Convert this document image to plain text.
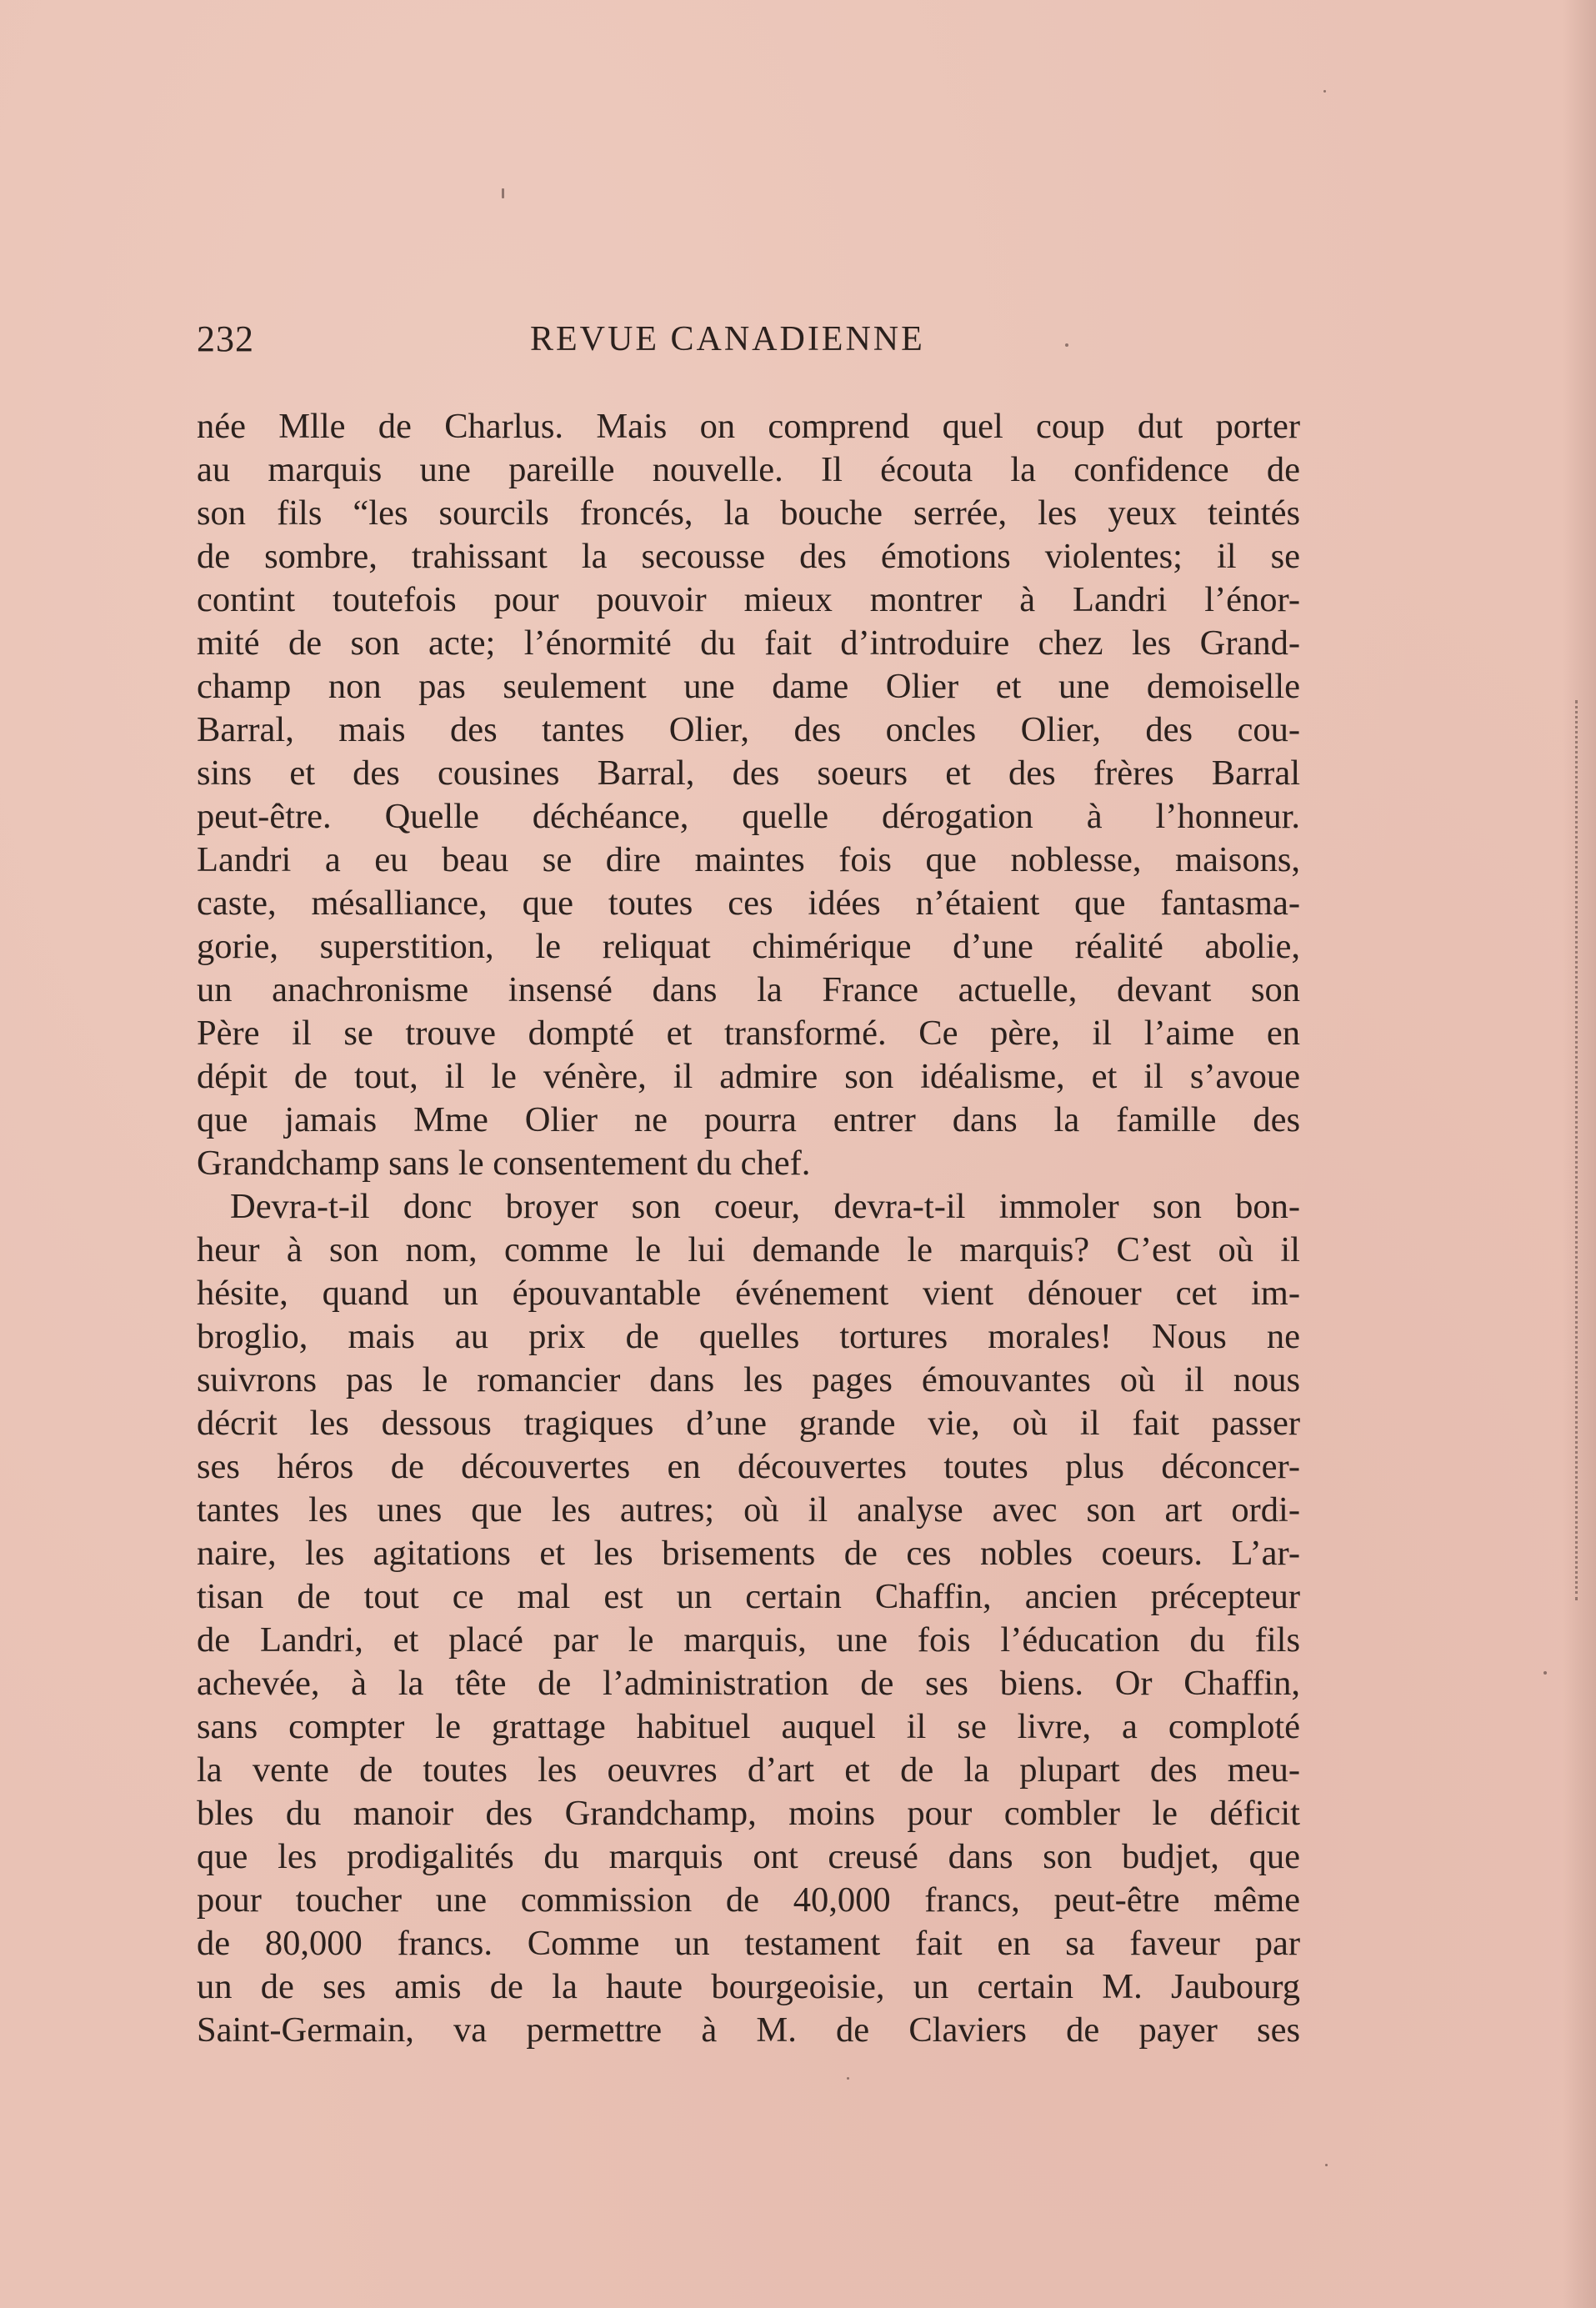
232	REVUE CANADIENNE
née Mlle de Charlus. Mais on comprend quel coup dut porter
au marquis une pareille nouvelle. Il écouta la confidence de
son fils “les sourcils froncés, la bouche serrée, les yeux teintés
de sombre, trahissant la secousse des émotions violentes; il se
contint toutefois pour pouvoir mieux montrer à Landri l’énor-
mité de son acte; l’énormité du fait d’introduire chez les Grand-
champ non pas seulement une dame Olier et une demoiselle
Barral, mais des tantes Olier, des oncles Olier, des cou-
sins et des cousines Barral, des soeurs et des frères Barral
peut-être. Quelle déchéance, quelle dérogation à l’honneur.
Landri a eu beau se dire maintes fois que noblesse, maisons,
caste, mésalliance, que toutes ces idées n’étaient que fantasma-
gorie, superstition, le reliquat chimérique d’une réalité abolie,
un anachronisme insensé dans la France actuelle, devant son
Père il se trouve dompté et transformé. Ce père, il l’aime en
dépit de tout, il le vénère, il admire son idéalisme, et il s’avoue
que jamais Mme Olier ne pourra entrer dans la famille des
Grandchamp sans le consentement du chef.
Devra-t-il donc broyer son coeur, devra-t-il immoler son bon-
heur à son nom, comme le lui demande le marquis? C’est où il
hésite, quand un épouvantable événement vient dénouer cet im-
broglio, mais au prix de quelles tortures morales! Nous ne
suivrons pas le romancier dans les pages émouvantes où il nous
décrit les dessous tragiques d’une grande vie, où il fait passer
ses héros de découvertes en découvertes toutes plus déconcer-
tantes les unes que les autres; où il analyse avec son art ordi-
naire, les agitations et les brisements de ces nobles coeurs. L’ar-
tisan de tout ce mal est un certain Chaffin, ancien précepteur
de Landri, et placé par le marquis, une fois l’éducation du fils
achevée, à la tête de l’administration de ses biens. Or Chaffin,
sans compter le grattage habituel auquel il se livre, a comploté
la vente de toutes les oeuvres d’art et de la plupart des meu-
bles du manoir des Grandchamp, moins pour combler le déficit
que les prodigalités du marquis ont creusé dans son budjet, que
pour toucher une commission de 40,000 francs, peut-être même
de 80,000 francs. Comme un testament fait en sa faveur par
un de ses amis de la haute bourgeoisie, un certain M. Jaubourg
Saint-Germain, va permettre à M. de Claviers de payer ses
